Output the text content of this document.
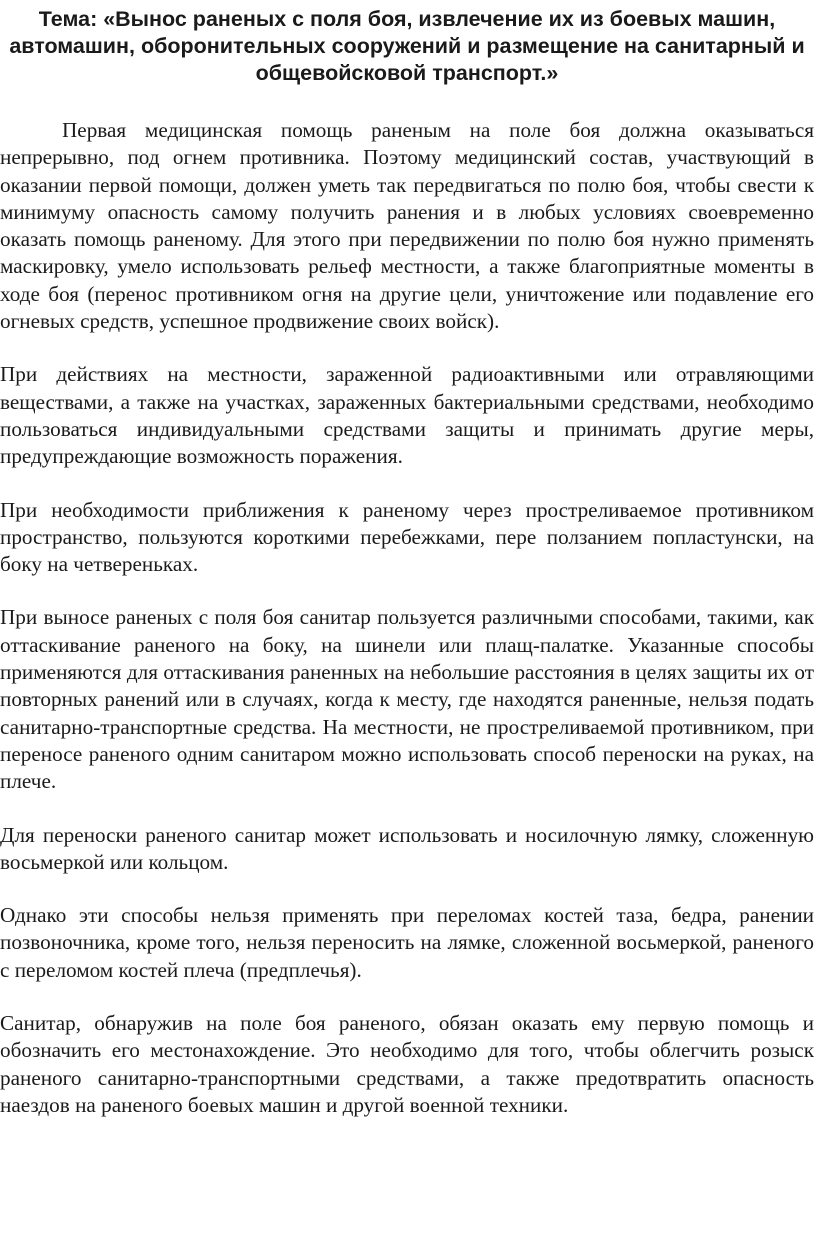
Тема: «Вынос раненых с поля боя, извлечение их из боевых машин, автомашин, оборонительных сооружений и размещение на санитарный и общевойсковой транспорт.»

Первая медицинская помощь раненым на поле боя должна оказываться непрерывно, под огнем противника. Поэтому медицинский состав, участвующий в оказании первой помощи, должен уметь так передвигаться по полю боя, чтобы свести к минимуму опасность самому получить ранения и в любых условиях своевременно оказать помощь раненому. Для этого при передвижении по полю боя нужно применять маскировку, умело использовать рельеф местности, а также благоприятные моменты в ходе боя (перенос противником огня на другие цели, уничтожение или подавление его огневых средств, успешное продвижение своих войск).

При действиях на местности, зараженной радиоактивными или отравляющими веществами, а также на участках, зараженных бактериальными средствами, необходимо пользоваться индивидуальными средствами защиты и принимать другие меры, предупреждающие возможность поражения.

При необходимости приближения к раненому через простреливаемое противником пространство, пользуются короткими перебежками, пере ползанием попластунски, на боку на четвереньках.

При выносе раненых с поля боя санитар пользуется различными способами, такими, как оттаскивание раненого на боку, на шинели или плащ-палатке. Указанные способы применяются для оттаскивания раненных на небольшие расстояния в целях защиты их от повторных ранений или в случаях, когда к месту, где находятся раненные, нельзя подать санитарно-транспортные средства. На местности, не простреливаемой противником, при переносе раненого одним санитаром можно использовать способ переноски на руках, на плече.

Для переноски раненого санитар может использовать и носилочную лямку, сложенную восьмеркой или кольцом.

Однако эти способы нельзя применять при переломах костей таза, бедра, ранении позвоночника, кроме того, нельзя переносить на лямке, сложенной восьмеркой, раненого с переломом костей плеча (предплечья).

Санитар, обнаружив на поле боя раненого, обязан оказать ему первую помощь и обозначить его местонахождение. Это необходимо для того, чтобы облегчить розыск раненого санитарно-транспортными средствами, а также предотвратить опасность наездов на раненого боевых машин и другой военной техники.
